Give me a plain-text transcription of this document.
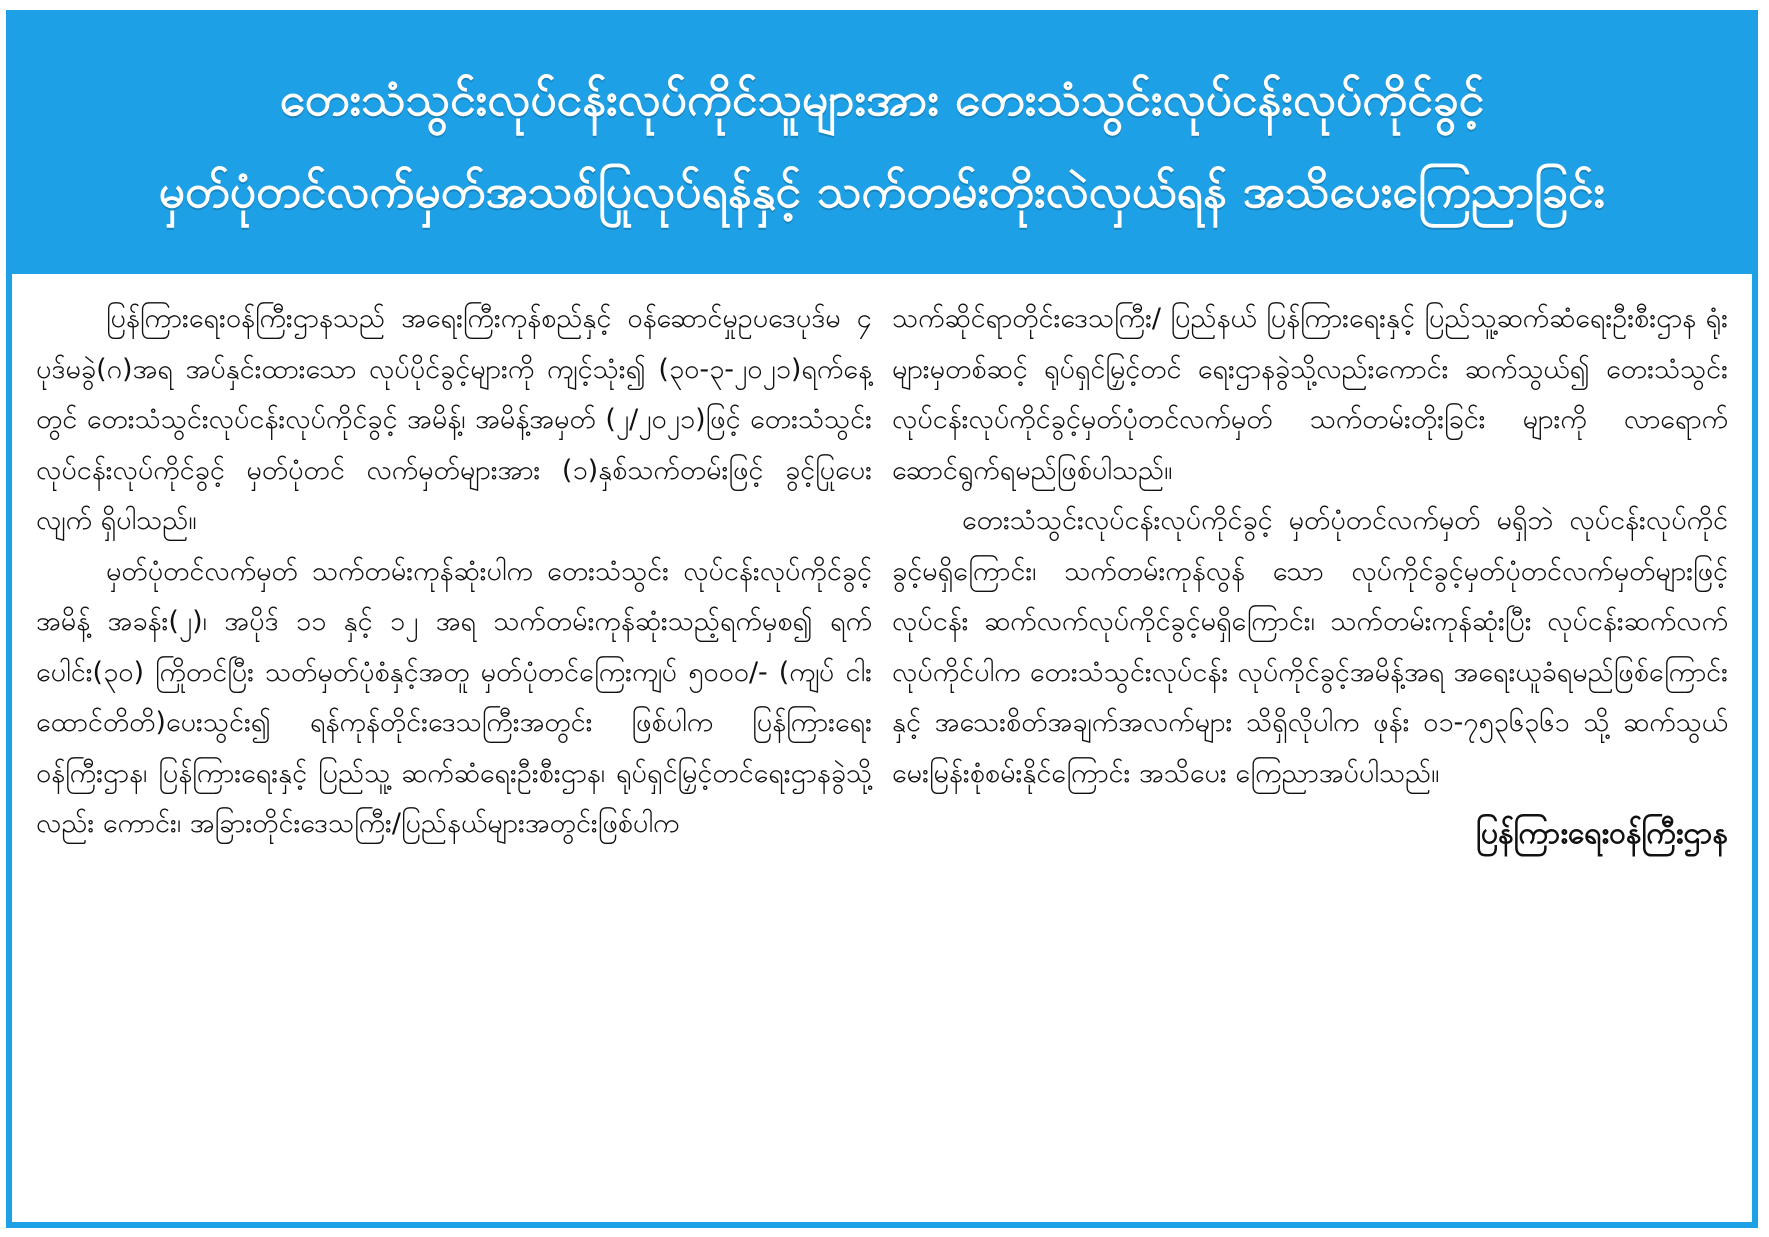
တေးသံသွင်းလုပ်ငန်းလုပ်ကိုင်သူများအား တေးသံသွင်းလုပ်ငန်းလုပ်ကိုင်ခွင့်
မှတ်ပုံတင်လက်မှတ်အသစ်ပြုလုပ်ရန်နှင့် သက်တမ်းတိုးလဲလှယ်ရန် အသိပေးကြေညာခြင်း

ပြန်ကြားရေးဝန်ကြီးဌာနသည် အရေးကြီးကုန်စည်နှင့် ဝန်ဆောင်မှုဥပဒေပုဒ်မ ၄ ပုဒ်မခွဲ(ဂ)အရ အပ်နှင်းထားသော လုပ်ပိုင်ခွင့်များကို ကျင့်သုံး၍ (၃၀-၃-၂၀၂၁)ရက်နေ့တွင် တေးသံသွင်းလုပ်ငန်းလုပ်ကိုင်ခွင့် အမိန့်၊ အမိန့်အမှတ် (၂/၂၀၂၁)ဖြင့် တေးသံသွင်းလုပ်ငန်းလုပ်ကိုင်ခွင့် မှတ်ပုံတင် လက်မှတ်များအား (၁)နှစ်သက်တမ်းဖြင့် ခွင့်ပြုပေးလျက် ရှိပါသည်။

မှတ်ပုံတင်လက်မှတ် သက်တမ်းကုန်ဆုံးပါက တေးသံသွင်း လုပ်ငန်းလုပ်ကိုင်ခွင့်အမိန့် အခန်း(၂)၊ အပိုဒ် ၁၁ နှင့် ၁၂ အရ သက်တမ်းကုန်ဆုံးသည့်ရက်မှစ၍ ရက်ပေါင်း(၃၀) ကြိုတင်ပြီး သတ်မှတ်ပုံစံနှင့်အတူ မှတ်ပုံတင်ကြေးကျပ် ၅၀၀၀/- (ကျပ် ငါးထောင်တိတိ)ပေးသွင်း၍ ရန်ကုန်တိုင်းဒေသကြီးအတွင်း ဖြစ်ပါက ပြန်ကြားရေးဝန်ကြီးဌာန၊ ပြန်ကြားရေးနှင့် ပြည်သူ့ ဆက်ဆံရေးဦးစီးဌာန၊ ရုပ်ရှင်မြှင့်တင်ရေးဌာနခွဲသို့လည်း ကောင်း၊ အခြားတိုင်းဒေသကြီး/ပြည်နယ်များအတွင်းဖြစ်ပါက

သက်ဆိုင်ရာတိုင်းဒေသကြီး/ ပြည်နယ် ပြန်ကြားရေးနှင့် ပြည်သူ့ဆက်ဆံရေးဦးစီးဌာန ရုံးများမှတစ်ဆင့် ရုပ်ရှင်မြှင့်တင် ရေးဌာနခွဲသို့လည်းကောင်း ဆက်သွယ်၍ တေးသံသွင်း လုပ်ငန်းလုပ်ကိုင်ခွင့်မှတ်ပုံတင်လက်မှတ် သက်တမ်းတိုးခြင်း များကို လာရောက်ဆောင်ရွက်ရမည်ဖြစ်ပါသည်။

တေးသံသွင်းလုပ်ငန်းလုပ်ကိုင်ခွင့် မှတ်ပုံတင်လက်မှတ် မရှိဘဲ လုပ်ငန်းလုပ်ကိုင်ခွင့်မရှိကြောင်း၊ သက်တမ်းကုန်လွန် သော လုပ်ကိုင်ခွင့်မှတ်ပုံတင်လက်မှတ်များဖြင့် လုပ်ငန်း ဆက်လက်လုပ်ကိုင်ခွင့်မရှိကြောင်း၊ သက်တမ်းကုန်ဆုံးပြီး လုပ်ငန်းဆက်လက်လုပ်ကိုင်ပါက တေးသံသွင်းလုပ်ငန်း လုပ်ကိုင်ခွင့်အမိန့်အရ အရေးယူခံရမည်ဖြစ်ကြောင်းနှင့် အသေးစိတ်အချက်အလက်များ သိရှိလိုပါက ဖုန်း ၀၁-၇၅၃၆၃၆၁ သို့ ဆက်သွယ်မေးမြန်းစုံစမ်းနိုင်ကြောင်း အသိပေး ကြေညာအပ်ပါသည်။

ပြန်ကြားရေးဝန်ကြီးဌာန
